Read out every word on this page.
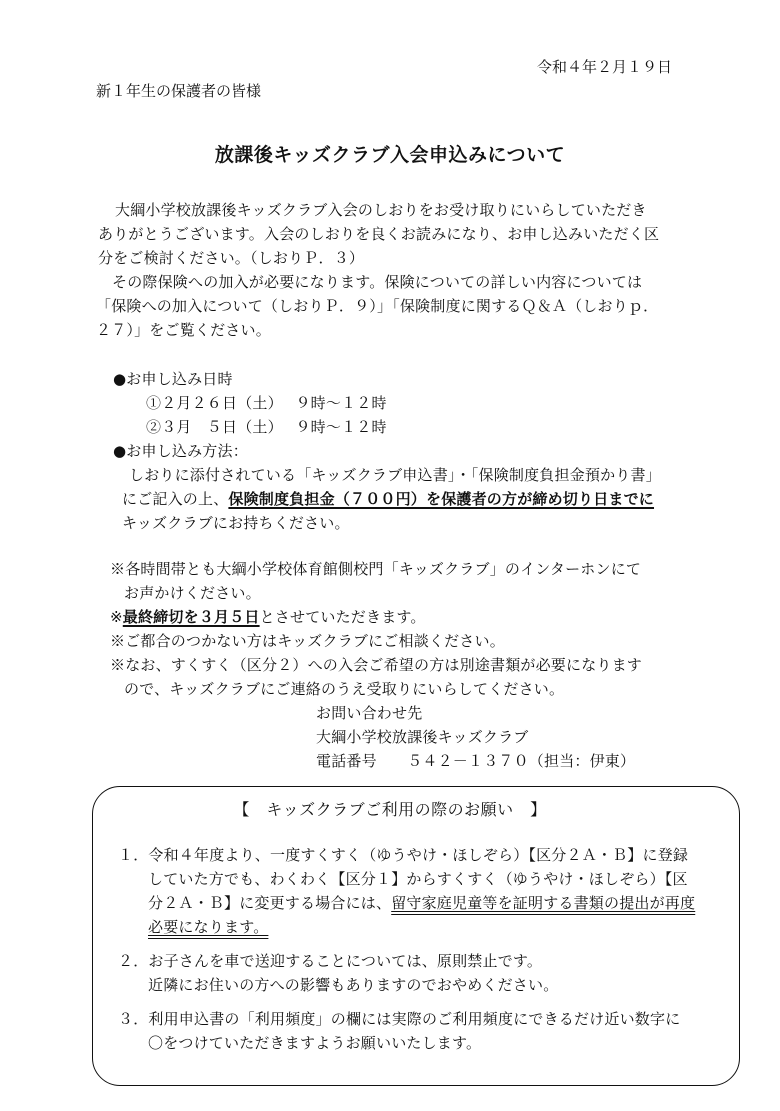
令和４年２月１９日
新１年生の保護者の皆様
放課後キッズクラブ入会申込みについて
大綱小学校放課後キッズクラブ入会のしおりをお受け取りにいらしていただき
ありがとうございます。入会のしおりを良くお読みになり、お申し込みいただく区
分をご検討ください。（しおりＰ．３）
その際保険への加入が必要になります。保険についての詳しい内容については
「保険への加入について（しおりＰ．９）」「保険制度に関するＱ＆Ａ（しおりｐ．
２７）」をご覧ください。
●お申し込み日時
①２月２６日（土）　 ９時～１２時
②３月　５日（土）　 ９時～１２時
●お申し込み方法：
しおりに添付されている「キッズクラブ申込書」・「保険制度負担金預かり書」
にご記入の上、保険制度負担金（７００円）を保護者の方が締め切り日までに
キッズクラブにお持ちください。
※各時間帯とも大綱小学校体育館側校門「キッズクラブ」のインターホンにて
お声かけください。
※最終締切を３月５日とさせていただきます。
※ご都合のつかない方はキッズクラブにご相談ください。
※なお、すくすく（区分２）への入会ご希望の方は別途書類が必要になります
ので、キッズクラブにご連絡のうえ受取りにいらしてください。
お問い合わせ先
大綱小学校放課後キッズクラブ
電話番号　　５４２－１３７０（担当：伊東）
【　キッズクラブご利用の際のお願い　】
１．令和４年度より、一度すくすく（ゆうやけ・ほしぞら）【区分２Ａ・Ｂ】に登録
していた方でも、わくわく【区分１】からすくすく（ゆうやけ・ほしぞら）【区
分２Ａ・Ｂ】に変更する場合には、留守家庭児童等を証明する書類の提出が再度
必要になります。
２．お子さんを車で送迎することについては、原則禁止です。
近隣にお住いの方への影響もありますのでおやめください。
３．利用申込書の「利用頻度」の欄には実際のご利用頻度にできるだけ近い数字に
〇をつけていただきますようお願いいたします。
